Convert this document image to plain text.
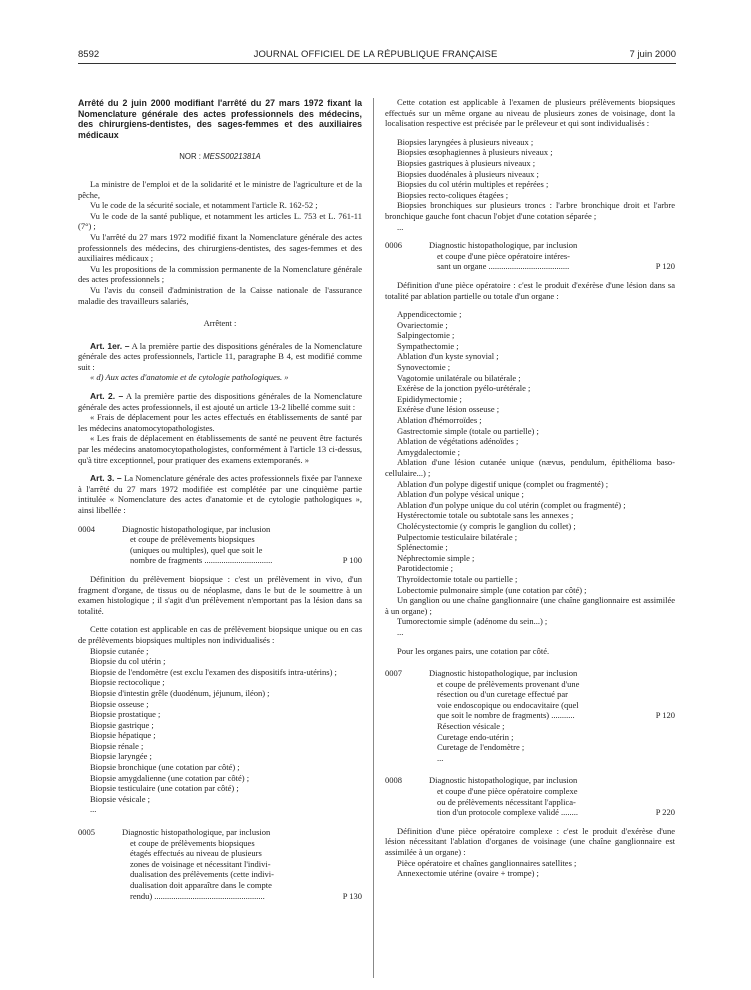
8592	JOURNAL OFFICIEL DE LA RÉPUBLIQUE FRANÇAISE	7 juin 2000

Arrêté du 2 juin 2000 modifiant l'arrêté du 27 mars 1972 fixant la Nomenclature générale des actes professionnels des médecins, des chirurgiens-dentistes, des sages-femmes et des auxiliaires médicaux

NOR : MESS0021381A

La ministre de l'emploi et de la solidarité et le ministre de l'agriculture et de la pêche,

Vu le code de la sécurité sociale, et notamment l'article R. 162-52 ;

Vu le code de la santé publique, et notamment les articles L. 753 et L. 761-11 (7°) ;

Vu l'arrêté du 27 mars 1972 modifié fixant la Nomenclature générale des actes professionnels des médecins, des chirurgiens-dentistes, des sages-femmes et des auxiliaires médicaux ;

Vu les propositions de la commission permanente de la Nomenclature générale des actes professionnels ;

Vu l'avis du conseil d'administration de la Caisse nationale de l'assurance maladie des travailleurs salariés,

Arrêtent :

Art. 1er. – A la première partie des dispositions générales de la Nomenclature générale des actes professionnels, l'article 11, paragraphe B 4, est modifié comme suit :

« d) Aux actes d'anatomie et de cytologie pathologiques. »

Art. 2. – A la première partie des dispositions générales de la Nomenclature générale des actes professionnels, il est ajouté un article 13-2 libellé comme suit :

« Frais de déplacement pour les actes effectués en établissements de santé par les médecins anatomocytopathologistes.

« Les frais de déplacement en établissements de santé ne peuvent être facturés par les médecins anatomocytopathologistes, conformément à l'article 13 ci-dessus, qu'à titre exceptionnel, pour pratiquer des examens extemporanés. »

Art. 3. – La Nomenclature générale des actes professionnels fixée par l'annexe à l'arrêté du 27 mars 1972 modifiée est complétée par une cinquième partie intitulée « Nomenclature des actes d'anatomie et de cytologie pathologiques », ainsi libellée :

0004	Diagnostic histopathologique, par inclusion
et coupe de prélèvements biopsiques
(uniques ou multiples), quel que soit le
nombre de fragments ................................	P 100

Définition du prélèvement biopsique : c'est un prélèvement in vivo, d'un fragment d'organe, de tissus ou de néoplasme, dans le but de le soumettre à un examen histologique ; il s'agit d'un prélèvement n'emportant pas la lésion dans sa totalité.

Cette cotation est applicable en cas de prélèvement biopsique unique ou en cas de prélèvements biopsiques multiples non individualisés :

Biopsie cutanée ;

Biopsie du col utérin ;

Biopsie de l'endomètre (est exclu l'examen des dispositifs intra-utérins) ;

Biopsie rectocolique ;

Biopsie d'intestin grêle (duodénum, jéjunum, iléon) ;

Biopsie osseuse ;

Biopsie prostatique ;

Biopsie gastrique ;

Biopsie hépatique ;

Biopsie rénale ;

Biopsie laryngée ;

Biopsie bronchique (une cotation par côté) ;

Biopsie amygdalienne (une cotation par côté) ;

Biopsie testiculaire (une cotation par côté) ;

Biopsie vésicale ;

...

0005	Diagnostic histopathologique, par inclusion
et coupe de prélèvements biopsiques
étagés effectués au niveau de plusieurs
zones de voisinage et nécessitant l'indivi-
dualisation des prélèvements (cette indivi-
dualisation doit apparaître dans le compte
rendu) ....................................................	P 130

Cette cotation est applicable à l'examen de plusieurs prélèvements biopsiques effectués sur un même organe au niveau de plusieurs zones de voisinage, dont la localisation respective est précisée par le préleveur et qui sont individualisés :

Biopsies laryngées à plusieurs niveaux ;

Biopsies œsophagiennes à plusieurs niveaux ;

Biopsies gastriques à plusieurs niveaux ;

Biopsies duodénales à plusieurs niveaux ;

Biopsies du col utérin multiples et repérées ;

Biopsies recto-coliques étagées ;

Biopsies bronchiques sur plusieurs troncs : l'arbre bronchique droit et l'arbre bronchique gauche font chacun l'objet d'une cotation séparée ;

...

0006	Diagnostic histopathologique, par inclusion
et coupe d'une pièce opératoire intéres-
sant un organe ......................................	P 120

Définition d'une pièce opératoire : c'est le produit d'exérèse d'une lésion dans sa totalité par ablation partielle ou totale d'un organe :

Appendicectomie ;

Ovariectomie ;

Salpingectomie ;

Sympathectomie ;

Ablation d'un kyste synovial ;

Synovectomie ;

Vagotomie unilatérale ou bilatérale ;

Exérèse de la jonction pyélo-urétérale ;

Epididymectomie ;

Exérèse d'une lésion osseuse ;

Ablation d'hémorroïdes ;

Gastrectomie simple (totale ou partielle) ;

Ablation de végétations adénoïdes ;

Amygdalectomie ;

Ablation d'une lésion cutanée unique (nævus, pendulum, épithélioma baso-cellulaire...) ;

Ablation d'un polype digestif unique (complet ou fragmenté) ;

Ablation d'un polype vésical unique ;

Ablation d'un polype unique du col utérin (complet ou fragmenté) ;

Hystérectomie totale ou subtotale sans les annexes ;

Cholécystectomie (y compris le ganglion du collet) ;

Pulpectomie testiculaire bilatérale ;

Splénectomie ;

Néphrectomie simple ;

Parotidectomie ;

Thyroïdectomie totale ou partielle ;

Lobectomie pulmonaire simple (une cotation par côté) ;

Un ganglion ou une chaîne ganglionnaire (une chaîne ganglionnaire est assimilée à un organe) ;

Tumorectomie simple (adénome du sein...) ;

...

Pour les organes pairs, une cotation par côté.

0007	Diagnostic histopathologique, par inclusion
et coupe de prélèvements provenant d'une
résection ou d'un curetage effectué par
voie endoscopique ou endocavitaire (quel
que soit le nombre de fragments) ...........	P 120

Résection vésicale ;

Curetage endo-utérin ;

Curetage de l'endomètre ;

...

0008	Diagnostic histopathologique, par inclusion
et coupe d'une pièce opératoire complexe
ou de prélèvements nécessitant l'applica-
tion d'un protocole complexe validé ........	P 220

Définition d'une pièce opératoire complexe : c'est le produit d'exérèse d'une lésion nécessitant l'ablation d'organes de voisinage (une chaîne ganglionnaire est assimilée à un organe) :

Pièce opératoire et chaînes ganglionnaires satellites ;

Annexectomie utérine (ovaire + trompe) ;
